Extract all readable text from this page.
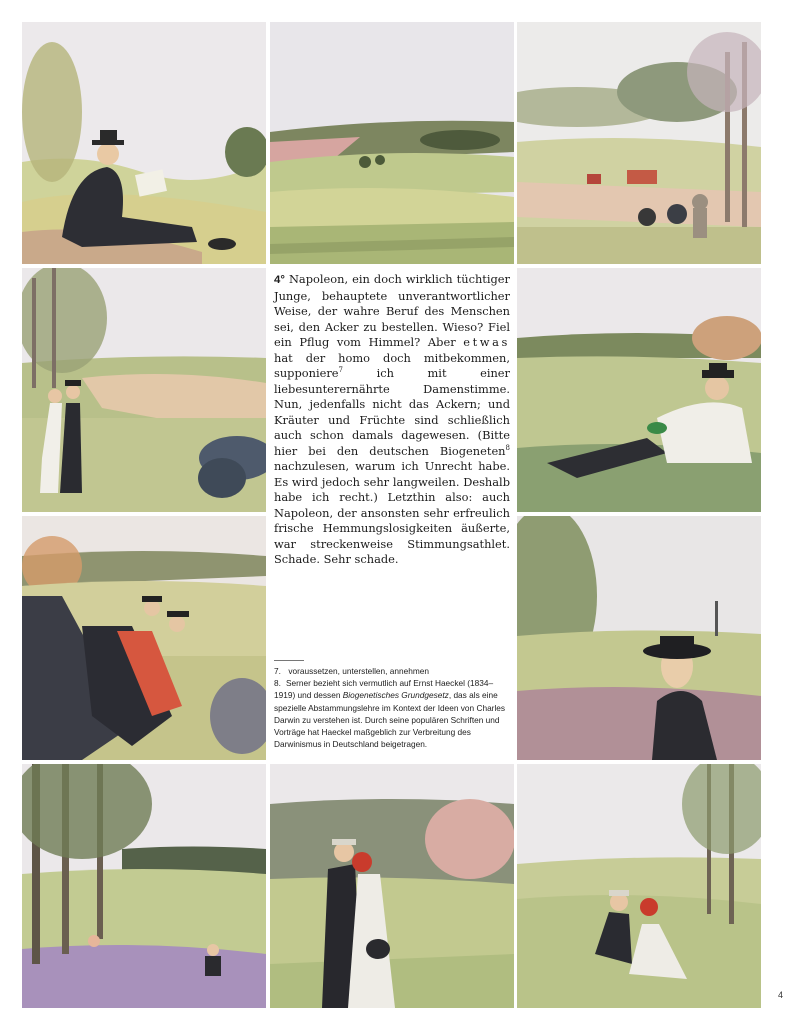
4° Napoleon, ein doch wirklich tüchtiger Junge, behauptete unverantwortlicher Weise, der wahre Beruf des Menschen sei, den Acker zu bestellen. Wieso? Fiel ein Pflug vom Himmel? Aber etwas hat der homo doch mitbekommen, supponiere$^7$ ich mit einer liebesunterernährte Damenstimme. Nun, jedenfalls nicht das Ackern; und Kräuter und Früchte sind schließlich auch schon damals dagewesen. (Bitte hier bei den deutschen Biogeneten$^8$ nachzulesen, warum ich Unrecht habe. Es wird jedoch sehr langweilen. Deshalb habe ich recht.) Letzthin also: auch Napoleon, der ansonsten sehr erfreulich frische Hemmungslosigkeiten äußerte, war streckenweise Stimmungsathlet. Schade. Sehr schade.
7. voraussetzen, unterstellen, annehmen
8. Serner bezieht sich vermutlich auf Ernst Haeckel (1834–1919) und dessen Biogenetisches Grundgesetz, das als eine spezielle Abstammungslehre im Kontext der Ideen von Charles Darwin zu verstehen ist. Durch seine populären Schriften und Vorträge hat Haeckel maßgeblich zur Verbreitung des Darwinismus in Deutschland beigetragen.
4
